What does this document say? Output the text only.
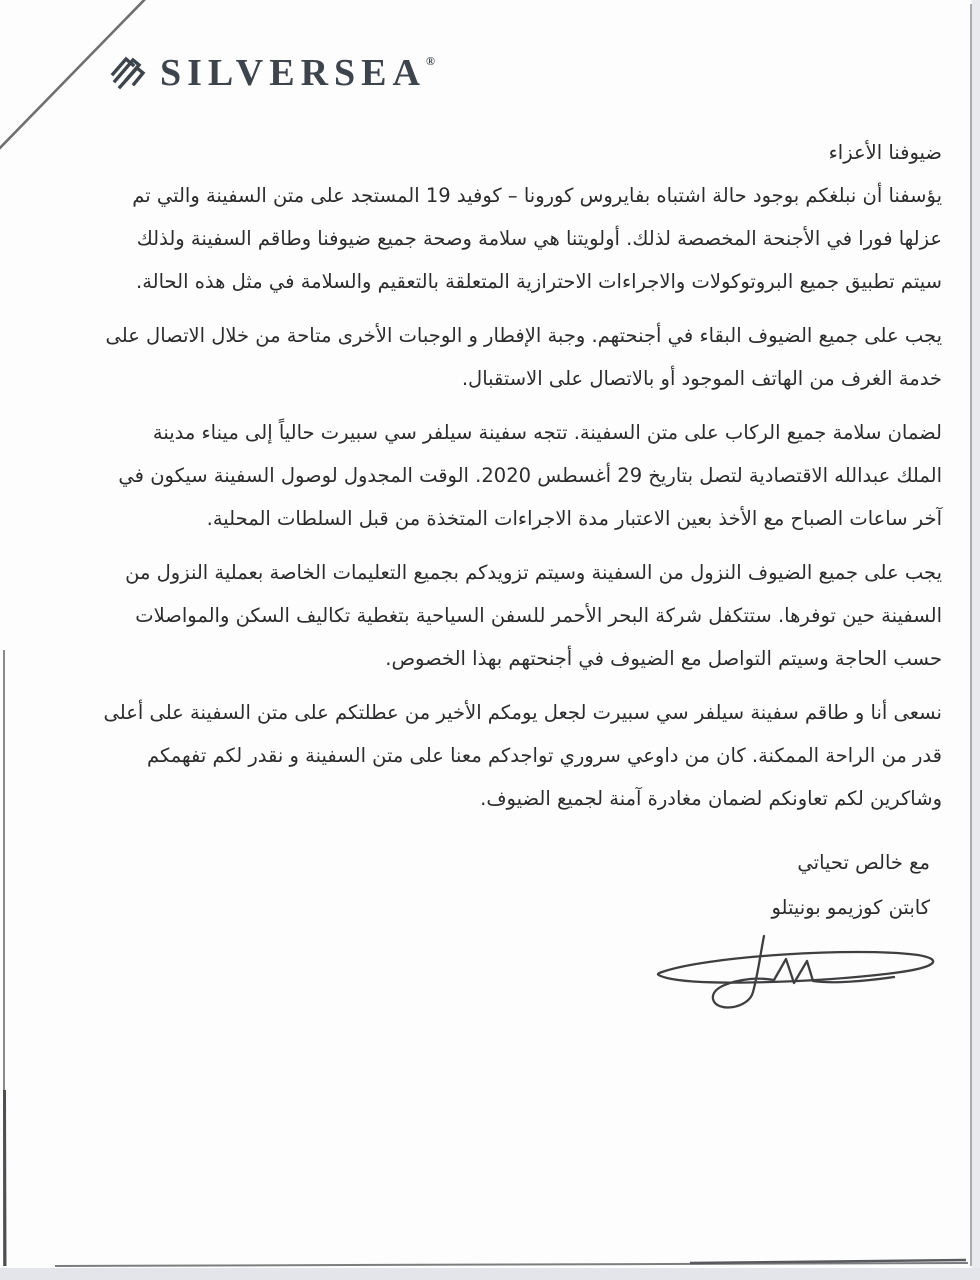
SILVERSEA®

ضيوفنا الأعزاء

يؤسفنا أن نبلغكم بوجود حالة اشتباه بفايروس كورونا – كوفيد 19 المستجد على متن السفينة والتي تم عزلها فورا في الأجنحة المخصصة لذلك. أولويتنا هي سلامة وصحة جميع ضيوفنا وطاقم السفينة ولذلك سيتم تطبيق جميع البروتوكولات والاجراءات الاحترازية المتعلقة بالتعقيم والسلامة في مثل هذه الحالة.

يجب على جميع الضيوف البقاء في أجنحتهم. وجبة الإفطار و الوجبات الأخرى متاحة من خلال الاتصال على خدمة الغرف من الهاتف الموجود أو بالاتصال على الاستقبال.

لضمان سلامة جميع الركاب على متن السفينة. تتجه سفينة سيلفر سي سبيرت حالياً إلى ميناء مدينة الملك عبدالله الاقتصادية لتصل بتاريخ 29 أغسطس 2020. الوقت المجدول لوصول السفينة سيكون في آخر ساعات الصباح مع الأخذ بعين الاعتبار مدة الاجراءات المتخذة من قبل السلطات المحلية.

يجب على جميع الضيوف النزول من السفينة وسيتم تزويدكم بجميع التعليمات الخاصة بعملية النزول من السفينة حين توفرها. ستتكفل شركة البحر الأحمر للسفن السياحية بتغطية تكاليف السكن والمواصلات حسب الحاجة وسيتم التواصل مع الضيوف في أجنحتهم بهذا الخصوص.

نسعى أنا و طاقم سفينة سيلفر سي سبيرت لجعل يومكم الأخير من عطلتكم على متن السفينة على أعلى قدر من الراحة الممكنة. كان من داوعي سروري تواجدكم معنا على متن السفينة و نقدر لكم تفهمكم وشاكرين لكم تعاونكم لضمان مغادرة آمنة لجميع الضيوف.

مع خالص تحياتي
كابتن كوزيمو بونيتلو
